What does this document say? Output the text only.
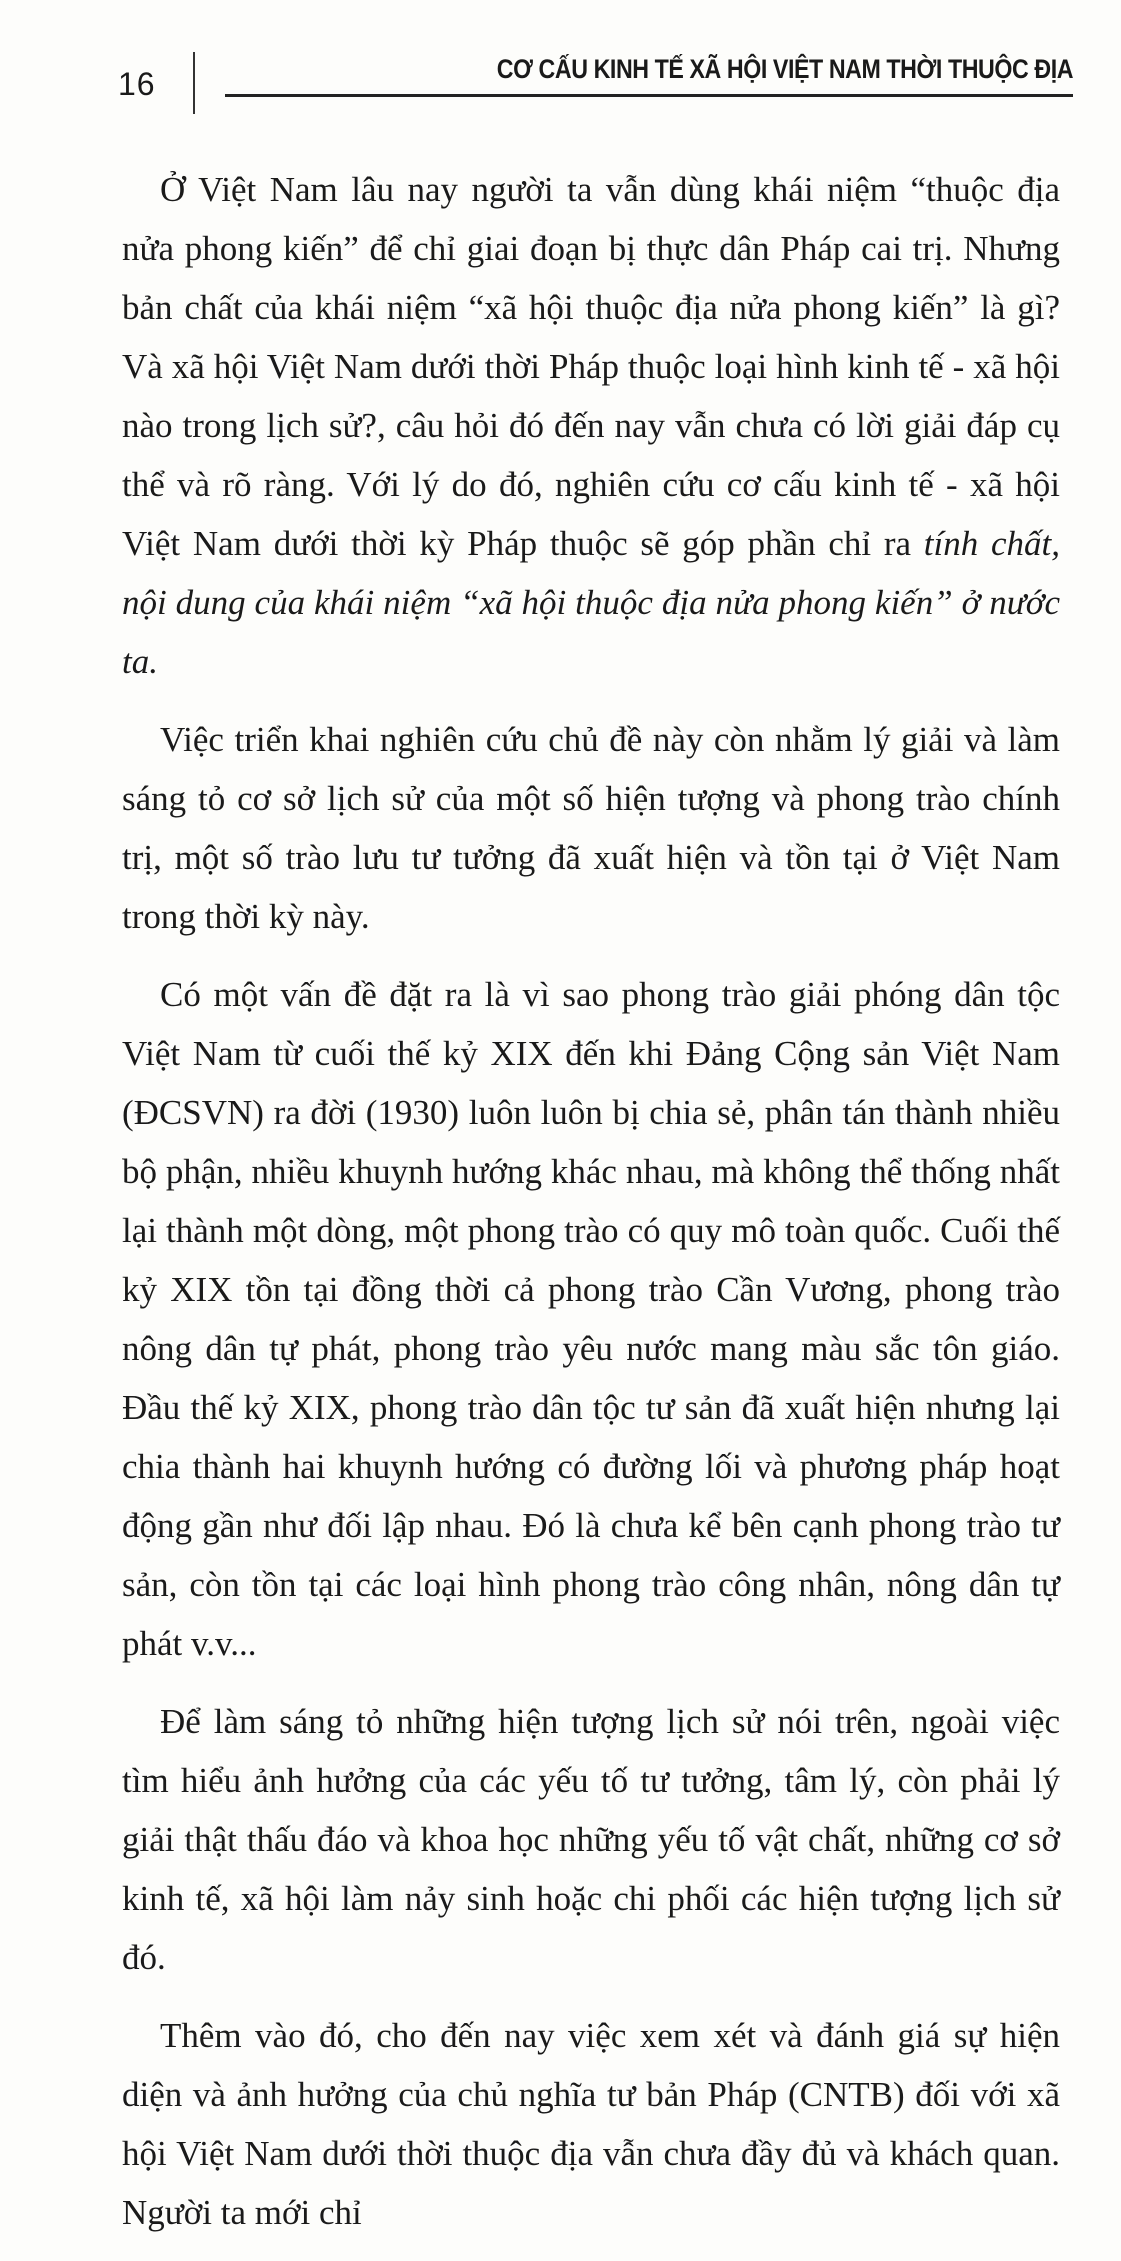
16	CƠ CẤU KINH TẾ XÃ HỘI VIỆT NAM THỜI THUỘC ĐỊA

Ở Việt Nam lâu nay người ta vẫn dùng khái niệm “thuộc địa nửa phong kiến” để chỉ giai đoạn bị thực dân Pháp cai trị. Nhưng bản chất của khái niệm “xã hội thuộc địa nửa phong kiến” là gì? Và xã hội Việt Nam dưới thời Pháp thuộc loại hình kinh tế - xã hội nào trong lịch sử?, câu hỏi đó đến nay vẫn chưa có lời giải đáp cụ thể và rõ ràng. Với lý do đó, nghiên cứu cơ cấu kinh tế - xã hội Việt Nam dưới thời kỳ Pháp thuộc sẽ góp phần chỉ ra tính chất, nội dung của khái niệm “xã hội thuộc địa nửa phong kiến” ở nước ta.

Việc triển khai nghiên cứu chủ đề này còn nhằm lý giải và làm sáng tỏ cơ sở lịch sử của một số hiện tượng và phong trào chính trị, một số trào lưu tư tưởng đã xuất hiện và tồn tại ở Việt Nam trong thời kỳ này.

Có một vấn đề đặt ra là vì sao phong trào giải phóng dân tộc Việt Nam từ cuối thế kỷ XIX đến khi Đảng Cộng sản Việt Nam (ĐCSVN) ra đời (1930) luôn luôn bị chia sẻ, phân tán thành nhiều bộ phận, nhiều khuynh hướng khác nhau, mà không thể thống nhất lại thành một dòng, một phong trào có quy mô toàn quốc. Cuối thế kỷ XIX tồn tại đồng thời cả phong trào Cần Vương, phong trào nông dân tự phát, phong trào yêu nước mang màu sắc tôn giáo. Đầu thế kỷ XIX, phong trào dân tộc tư sản đã xuất hiện nhưng lại chia thành hai khuynh hướng có đường lối và phương pháp hoạt động gần như đối lập nhau. Đó là chưa kể bên cạnh phong trào tư sản, còn tồn tại các loại hình phong trào công nhân, nông dân tự phát v.v...

Để làm sáng tỏ những hiện tượng lịch sử nói trên, ngoài việc tìm hiểu ảnh hưởng của các yếu tố tư tưởng, tâm lý, còn phải lý giải thật thấu đáo và khoa học những yếu tố vật chất, những cơ sở kinh tế, xã hội làm nảy sinh hoặc chi phối các hiện tượng lịch sử đó.

Thêm vào đó, cho đến nay việc xem xét và đánh giá sự hiện diện và ảnh hưởng của chủ nghĩa tư bản Pháp (CNTB) đối với xã hội Việt Nam dưới thời thuộc địa vẫn chưa đầy đủ và khách quan. Người ta mới chỉ
